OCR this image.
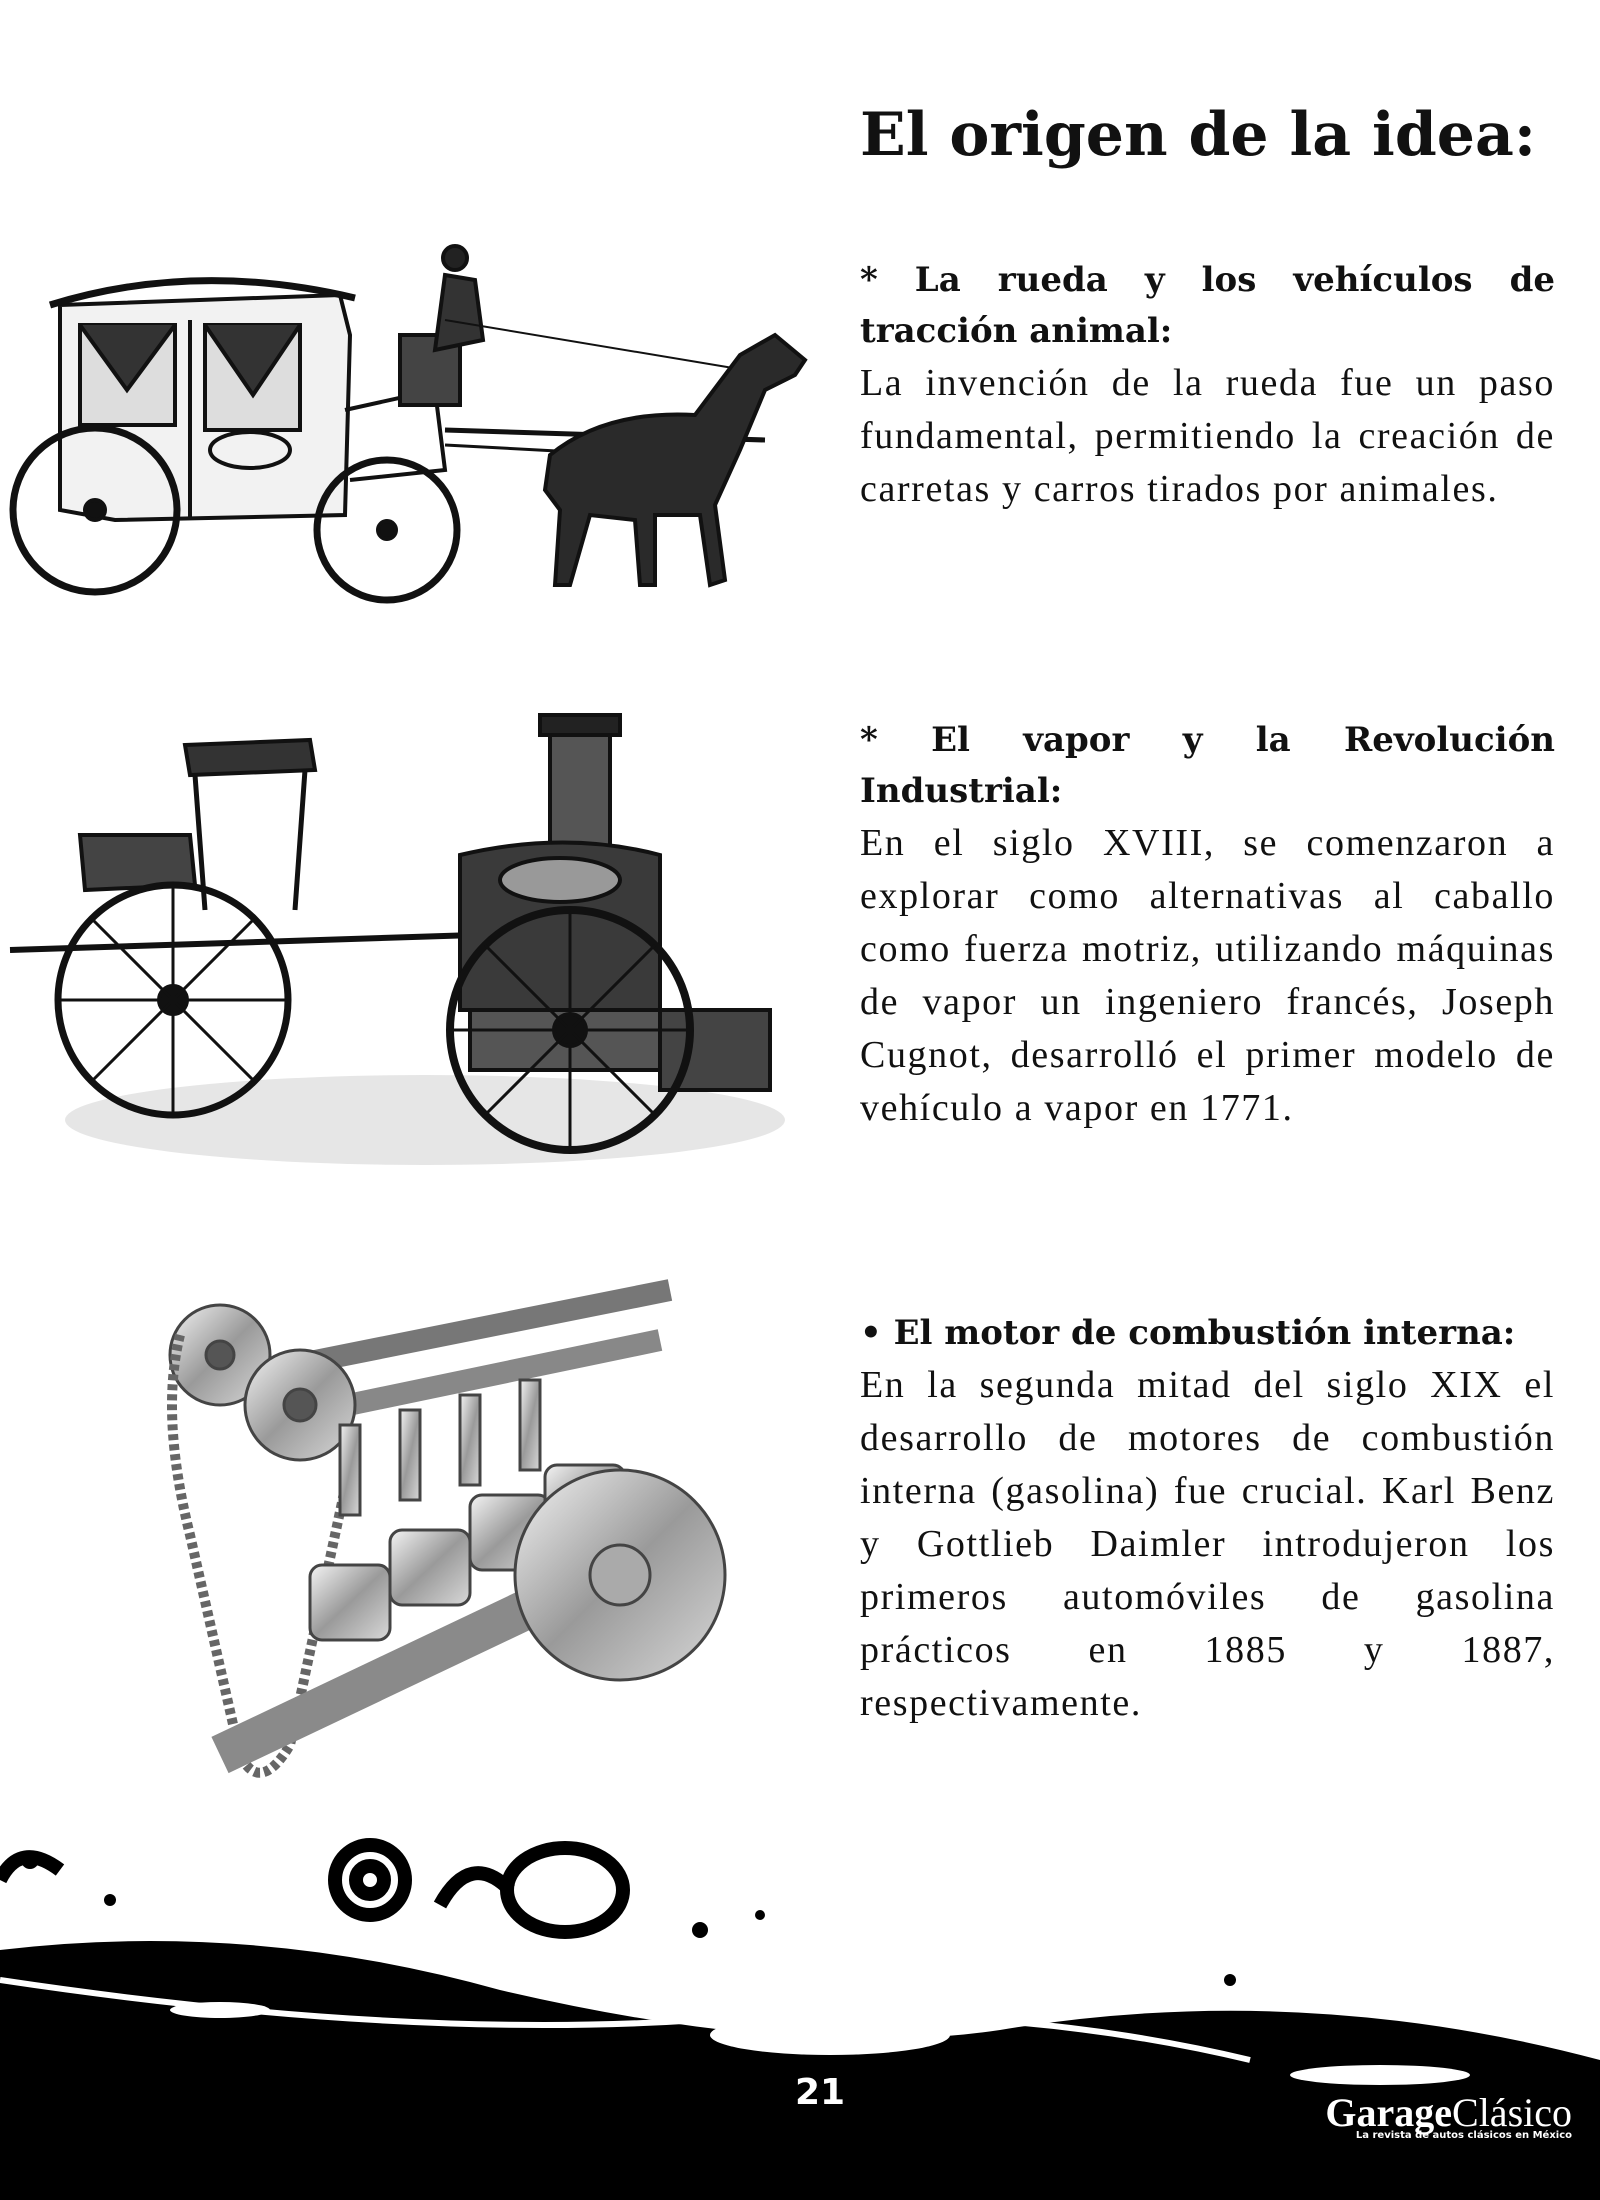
El origen de la idea:

* La rueda y los vehículos de tracción animal:

La invención de la rueda fue un paso fundamental, permitiendo la creación de carretas y carros tirados por animales.

* El vapor y la Revolución Industrial:

En el siglo XVIII, se comenzaron a explorar como alternativas al caballo como fuerza motriz, utilizando máquinas de vapor un ingeniero francés, Joseph Cugnot, desarrolló el primer modelo de vehículo a vapor en 1771.

• El motor de combustión interna:

En la segunda mitad del siglo XIX el desarrollo de motores de combustión interna (gasolina) fue crucial. Karl Benz y Gottlieb Daimler introdujeron los primeros automóviles de gasolina prácticos en 1885 y 1887, respectivamente.

21	GarageClásico
La revista de autos clásicos en México
